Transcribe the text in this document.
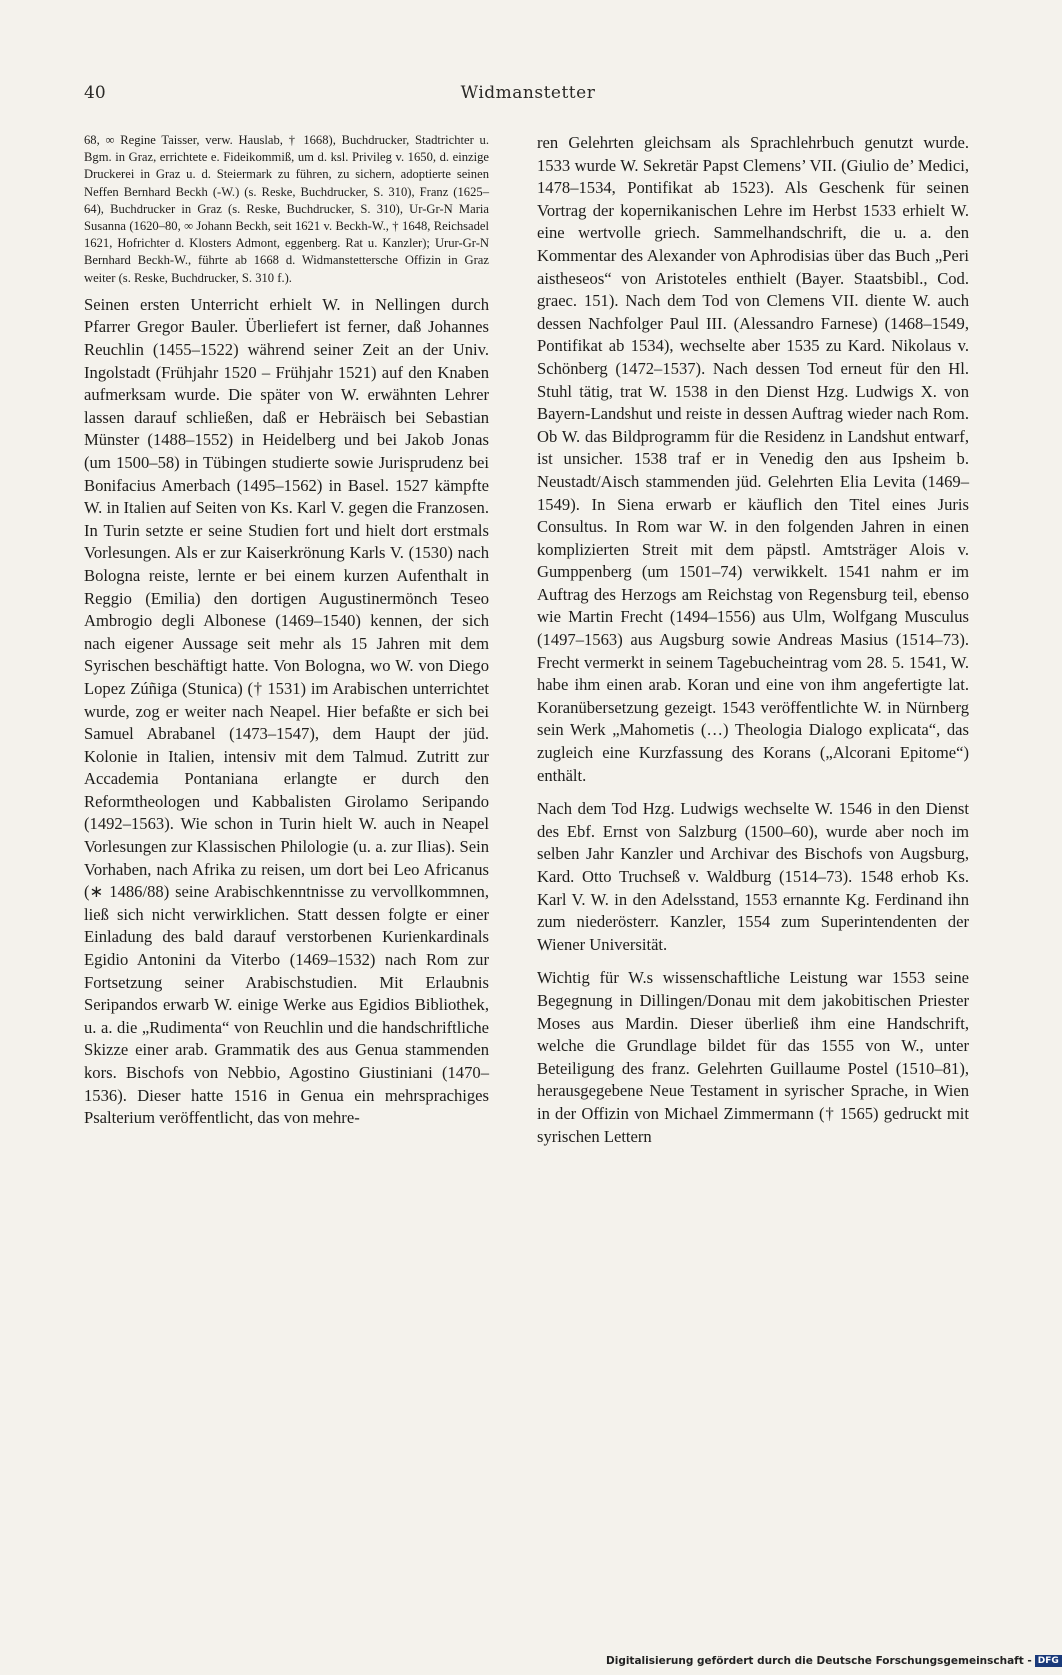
40	Widmanstetter

68, ∞ Regine Taisser, verw. Hauslab, † 1668), Buchdrucker, Stadtrichter u. Bgm. in Graz, errichtete e. Fideikommiß, um d. ksl. Privileg v. 1650, d. einzige Druckerei in Graz u. d. Steiermark zu führen, zu sichern, adoptierte seinen Neffen Bernhard Beckh (-W.) (s. Reske, Buchdrucker, S. 310), Franz (1625–64), Buchdrucker in Graz (s. Reske, Buchdrucker, S. 310), Ur-Gr-N Maria Susanna (1620–80, ∞ Johann Beckh, seit 1621 v. Beckh-W., † 1648, Reichsadel 1621, Hofrichter d. Klosters Admont, eggenberg. Rat u. Kanzler); Urur-Gr-N Bernhard Beckh-W., führte ab 1668 d. Widmanstettersche Offizin in Graz weiter (s. Reske, Buchdrucker, S. 310 f.).

Seinen ersten Unterricht erhielt W. in Nellingen durch Pfarrer Gregor Bauler. Überliefert ist ferner, daß Johannes Reuchlin (1455–1522) während seiner Zeit an der Univ. Ingolstadt (Frühjahr 1520 – Frühjahr 1521) auf den Knaben aufmerksam wurde. Die später von W. erwähnten Lehrer lassen darauf schließen, daß er Hebräisch bei Sebastian Münster (1488–1552) in Heidelberg und bei Jakob Jonas (um 1500–58) in Tübingen studierte sowie Jurisprudenz bei Bonifacius Amerbach (1495–1562) in Basel. 1527 kämpfte W. in Italien auf Seiten von Ks. Karl V. gegen die Franzosen. In Turin setzte er seine Studien fort und hielt dort erstmals Vorlesungen. Als er zur Kaiserkrönung Karls V. (1530) nach Bologna reiste, lernte er bei einem kurzen Aufenthalt in Reggio (Emilia) den dortigen Augustinermönch Teseo Ambrogio degli Albonese (1469–1540) kennen, der sich nach eigener Aussage seit mehr als 15 Jahren mit dem Syrischen beschäftigt hatte. Von Bologna, wo W. von Diego Lopez Zúñiga (Stunica) († 1531) im Arabischen unterrichtet wurde, zog er weiter nach Neapel. Hier befaßte er sich bei Samuel Abrabanel (1473–1547), dem Haupt der jüd. Kolonie in Italien, intensiv mit dem Talmud. Zutritt zur Accademia Pontaniana erlangte er durch den Reformtheologen und Kabbalisten Girolamo Seripando (1492–1563). Wie schon in Turin hielt W. auch in Neapel Vorlesungen zur Klassischen Philologie (u. a. zur Ilias). Sein Vorhaben, nach Afrika zu reisen, um dort bei Leo Africanus (∗ 1486/88) seine Arabischkenntnisse zu vervollkommnen, ließ sich nicht verwirklichen. Statt dessen folgte er einer Einladung des bald darauf verstorbenen Kurienkardinals Egidio Antonini da Viterbo (1469–1532) nach Rom zur Fortsetzung seiner Arabischstudien. Mit Erlaubnis Seripandos erwarb W. einige Werke aus Egidios Bibliothek, u. a. die „Rudimenta“ von Reuchlin und die handschriftliche Skizze einer arab. Grammatik des aus Genua stammenden kors. Bischofs von Nebbio, Agostino Giustiniani (1470–1536). Dieser hatte 1516 in Genua ein mehrsprachiges Psalterium veröffentlicht, das von mehre-

ren Gelehrten gleichsam als Sprachlehrbuch genutzt wurde. 1533 wurde W. Sekretär Papst Clemens’ VII. (Giulio de’ Medici, 1478–1534, Pontifikat ab 1523). Als Geschenk für seinen Vortrag der kopernikanischen Lehre im Herbst 1533 erhielt W. eine wertvolle griech. Sammelhandschrift, die u. a. den Kommentar des Alexander von Aphrodisias über das Buch „Peri aistheseos“ von Aristoteles enthielt (Bayer. Staatsbibl., Cod. graec. 151). Nach dem Tod von Clemens VII. diente W. auch dessen Nachfolger Paul III. (Alessandro Farnese) (1468–1549, Pontifikat ab 1534), wechselte aber 1535 zu Kard. Nikolaus v. Schönberg (1472–1537). Nach dessen Tod erneut für den Hl. Stuhl tätig, trat W. 1538 in den Dienst Hzg. Ludwigs X. von Bayern-Landshut und reiste in dessen Auftrag wieder nach Rom. Ob W. das Bildprogramm für die Residenz in Landshut entwarf, ist unsicher. 1538 traf er in Venedig den aus Ipsheim b. Neustadt/Aisch stammenden jüd. Gelehrten Elia Levita (1469–1549). In Siena erwarb er käuflich den Titel eines Juris Consultus. In Rom war W. in den folgenden Jahren in einen komplizierten Streit mit dem päpstl. Amtsträger Alois v. Gumppenberg (um 1501–74) verwikkelt. 1541 nahm er im Auftrag des Herzogs am Reichstag von Regensburg teil, ebenso wie Martin Frecht (1494–1556) aus Ulm, Wolfgang Musculus (1497–1563) aus Augsburg sowie Andreas Masius (1514–73). Frecht vermerkt in seinem Tagebucheintrag vom 28. 5. 1541, W. habe ihm einen arab. Koran und eine von ihm angefertigte lat. Koranübersetzung gezeigt. 1543 veröffentlichte W. in Nürnberg sein Werk „Mahometis (…) Theologia Dialogo explicata“, das zugleich eine Kurzfassung des Korans („Alcorani Epitome“) enthält.

Nach dem Tod Hzg. Ludwigs wechselte W. 1546 in den Dienst des Ebf. Ernst von Salzburg (1500–60), wurde aber noch im selben Jahr Kanzler und Archivar des Bischofs von Augsburg, Kard. Otto Truchseß v. Waldburg (1514–73). 1548 erhob Ks. Karl V. W. in den Adelsstand, 1553 ernannte Kg. Ferdinand ihn zum niederösterr. Kanzler, 1554 zum Superintendenten der Wiener Universität.

Wichtig für W.s wissenschaftliche Leistung war 1553 seine Begegnung in Dillingen/Donau mit dem jakobitischen Priester Moses aus Mardin. Dieser überließ ihm eine Handschrift, welche die Grundlage bildet für das 1555 von W., unter Beteiligung des franz. Gelehrten Guillaume Postel (1510–81), herausgegebene Neue Testament in syrischer Sprache, in Wien in der Offizin von Michael Zimmermann († 1565) gedruckt mit syrischen Lettern

Digitalisierung gefördert durch die Deutsche Forschungsgemeinschaft - DFG
